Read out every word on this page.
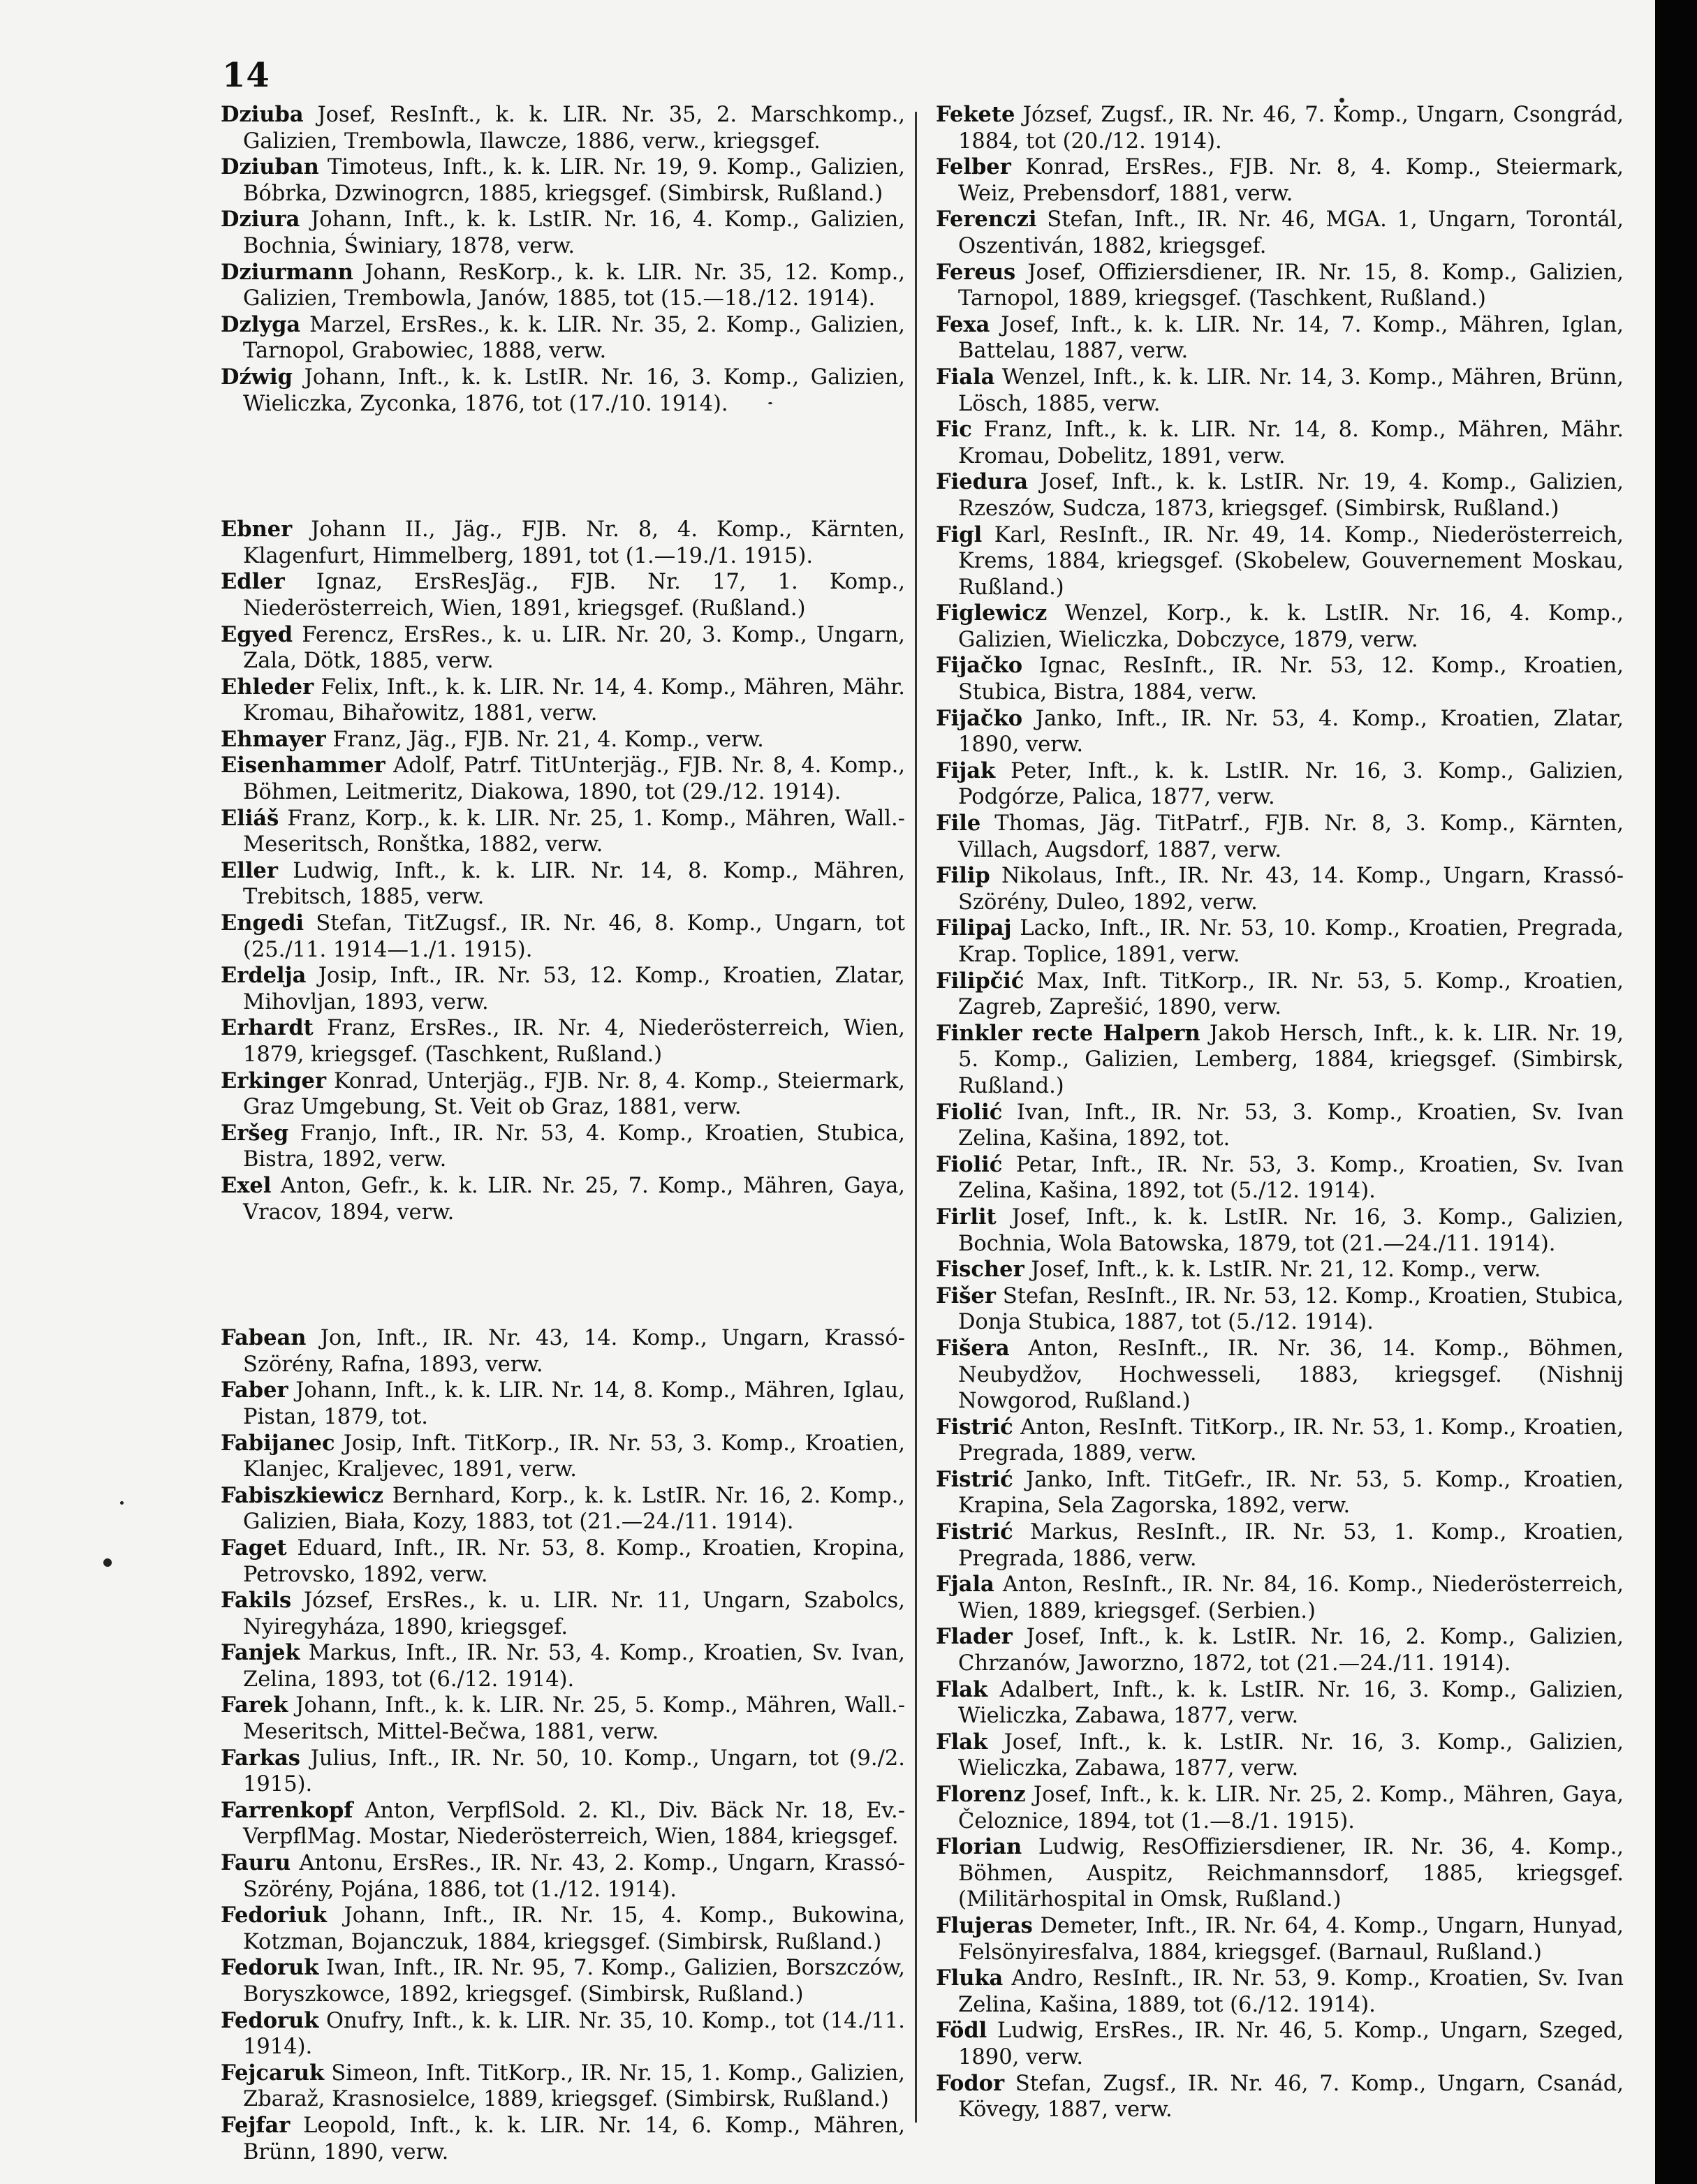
14

Dziuba Josef, ResInft., k. k. LIR. Nr. 35, 2. Marschkomp., Galizien, Trembowla, Ilawcze, 1886, verw., kriegsgef.

Dziuban Timoteus, Inft., k. k. LIR. Nr. 19, 9. Komp., Galizien, Bóbrka, Dzwinogrcn, 1885, kriegsgef. (Simbirsk, Rußland.)

Dziura Johann, Inft., k. k. LstIR. Nr. 16, 4. Komp., Galizien, Bochnia, Świniary, 1878, verw.

Dziurmann Johann, ResKorp., k. k. LIR. Nr. 35, 12. Komp., Galizien, Trembowla, Janów, 1885, tot (15.—18./12. 1914).

Dzlyga Marzel, ErsRes., k. k. LIR. Nr. 35, 2. Komp., Galizien, Tarnopol, Grabowiec, 1888, verw.

Dźwig Johann, Inft., k. k. LstIR. Nr. 16, 3. Komp., Galizien, Wieliczka, Zyconka, 1876, tot (17./10. 1914).

Ebner Johann II., Jäg., FJB. Nr. 8, 4. Komp., Kärnten, Klagenfurt, Himmelberg, 1891, tot (1.—19./1. 1915).

Edler Ignaz, ErsResJäg., FJB. Nr. 17, 1. Komp., Niederösterreich, Wien, 1891, kriegsgef. (Rußland.)

Egyed Ferencz, ErsRes., k. u. LIR. Nr. 20, 3. Komp., Ungarn, Zala, Dötk, 1885, verw.

Ehleder Felix, Inft., k. k. LIR. Nr. 14, 4. Komp., Mähren, Mähr. Kromau, Bihařowitz, 1881, verw.

Ehmayer Franz, Jäg., FJB. Nr. 21, 4. Komp., verw.

Eisenhammer Adolf, Patrf. TitUnterjäg., FJB. Nr. 8, 4. Komp., Böhmen, Leitmeritz, Diakowa, 1890, tot (29./12. 1914).

Eliáš Franz, Korp., k. k. LIR. Nr. 25, 1. Komp., Mähren, Wall.-Meseritsch, Ronštka, 1882, verw.

Eller Ludwig, Inft., k. k. LIR. Nr. 14, 8. Komp., Mähren, Trebitsch, 1885, verw.

Engedi Stefan, TitZugsf., IR. Nr. 46, 8. Komp., Ungarn, tot (25./11. 1914—1./1. 1915).

Erdelja Josip, Inft., IR. Nr. 53, 12. Komp., Kroatien, Zlatar, Mihovljan, 1893, verw.

Erhardt Franz, ErsRes., IR. Nr. 4, Niederösterreich, Wien, 1879, kriegsgef. (Taschkent, Rußland.)

Erkinger Konrad, Unterjäg., FJB. Nr. 8, 4. Komp., Steiermark, Graz Umgebung, St. Veit ob Graz, 1881, verw.

Eršeg Franjo, Inft., IR. Nr. 53, 4. Komp., Kroatien, Stubica, Bistra, 1892, verw.

Exel Anton, Gefr., k. k. LIR. Nr. 25, 7. Komp., Mähren, Gaya, Vracov, 1894, verw.

Fabean Jon, Inft., IR. Nr. 43, 14. Komp., Ungarn, Krassó-Szörény, Rafna, 1893, verw.

Faber Johann, Inft., k. k. LIR. Nr. 14, 8. Komp., Mähren, Iglau, Pistan, 1879, tot.

Fabijanec Josip, Inft. TitKorp., IR. Nr. 53, 3. Komp., Kroatien, Klanjec, Kraljevec, 1891, verw.

Fabiszkiewicz Bernhard, Korp., k. k. LstIR. Nr. 16, 2. Komp., Galizien, Biała, Kozy, 1883, tot (21.—24./11. 1914).

Faget Eduard, Inft., IR. Nr. 53, 8. Komp., Kroatien, Kropina, Petrovsko, 1892, verw.

Fakils József, ErsRes., k. u. LIR. Nr. 11, Ungarn, Szabolcs, Nyiregyháza, 1890, kriegsgef.

Fanjek Markus, Inft., IR. Nr. 53, 4. Komp., Kroatien, Sv. Ivan, Zelina, 1893, tot (6./12. 1914).

Farek Johann, Inft., k. k. LIR. Nr. 25, 5. Komp., Mähren, Wall.-Meseritsch, Mittel-Bečwa, 1881, verw.

Farkas Julius, Inft., IR. Nr. 50, 10. Komp., Ungarn, tot (9./2. 1915).

Farrenkopf Anton, VerpflSold. 2. Kl., Div. Bäck Nr. 18, Ev.-VerpflMag. Mostar, Niederösterreich, Wien, 1884, kriegsgef.

Fauru Antonu, ErsRes., IR. Nr. 43, 2. Komp., Ungarn, Krassó-Szörény, Pojána, 1886, tot (1./12. 1914).

Fedoriuk Johann, Inft., IR. Nr. 15, 4. Komp., Bukowina, Kotzman, Bojanczuk, 1884, kriegsgef. (Simbirsk, Rußland.)

Fedoruk Iwan, Inft., IR. Nr. 95, 7. Komp., Galizien, Borszczów, Boryszkowce, 1892, kriegsgef. (Simbirsk, Rußland.)

Fedoruk Onufry, Inft., k. k. LIR. Nr. 35, 10. Komp., tot (14./11. 1914).

Fejcaruk Simeon, Inft. TitKorp., IR. Nr. 15, 1. Komp., Galizien, Zbaraž, Krasnosielce, 1889, kriegsgef. (Simbirsk, Rußland.)

Fejfar Leopold, Inft., k. k. LIR. Nr. 14, 6. Komp., Mähren, Brünn, 1890, verw.

Fekete József, Zugsf., IR. Nr. 46, 7. Komp., Ungarn, Csongrád, 1884, tot (20./12. 1914).

Felber Konrad, ErsRes., FJB. Nr. 8, 4. Komp., Steiermark, Weiz, Prebensdorf, 1881, verw.

Ferenczi Stefan, Inft., IR. Nr. 46, MGA. 1, Ungarn, Torontál, Oszentiván, 1882, kriegsgef.

Fereus Josef, Offiziersdiener, IR. Nr. 15, 8. Komp., Galizien, Tarnopol, 1889, kriegsgef. (Taschkent, Rußland.)

Fexa Josef, Inft., k. k. LIR. Nr. 14, 7. Komp., Mähren, Iglan, Battelau, 1887, verw.

Fiala Wenzel, Inft., k. k. LIR. Nr. 14, 3. Komp., Mähren, Brünn, Lösch, 1885, verw.

Fic Franz, Inft., k. k. LIR. Nr. 14, 8. Komp., Mähren, Mähr. Kromau, Dobelitz, 1891, verw.

Fiedura Josef, Inft., k. k. LstIR. Nr. 19, 4. Komp., Galizien, Rzeszów, Sudcza, 1873, kriegsgef. (Simbirsk, Rußland.)

Figl Karl, ResInft., IR. Nr. 49, 14. Komp., Niederösterreich, Krems, 1884, kriegsgef. (Skobelew, Gouvernement Moskau, Rußland.)

Figlewicz Wenzel, Korp., k. k. LstIR. Nr. 16, 4. Komp., Galizien, Wieliczka, Dobczyce, 1879, verw.

Fijačko Ignac, ResInft., IR. Nr. 53, 12. Komp., Kroatien, Stubica, Bistra, 1884, verw.

Fijačko Janko, Inft., IR. Nr. 53, 4. Komp., Kroatien, Zlatar, 1890, verw.

Fijak Peter, Inft., k. k. LstIR. Nr. 16, 3. Komp., Galizien, Podgórze, Palica, 1877, verw.

File Thomas, Jäg. TitPatrf., FJB. Nr. 8, 3. Komp., Kärnten, Villach, Augsdorf, 1887, verw.

Filip Nikolaus, Inft., IR. Nr. 43, 14. Komp., Ungarn, Krassó-Szörény, Duleo, 1892, verw.

Filipaj Lacko, Inft., IR. Nr. 53, 10. Komp., Kroatien, Pregrada, Krap. Toplice, 1891, verw.

Filipčić Max, Inft. TitKorp., IR. Nr. 53, 5. Komp., Kroatien, Zagreb, Zaprešić, 1890, verw.

Finkler recte Halpern Jakob Hersch, Inft., k. k. LIR. Nr. 19, 5. Komp., Galizien, Lemberg, 1884, kriegsgef. (Simbirsk, Rußland.)

Fiolić Ivan, Inft., IR. Nr. 53, 3. Komp., Kroatien, Sv. Ivan Zelina, Kašina, 1892, tot.

Fiolić Petar, Inft., IR. Nr. 53, 3. Komp., Kroatien, Sv. Ivan Zelina, Kašina, 1892, tot (5./12. 1914).

Firlit Josef, Inft., k. k. LstIR. Nr. 16, 3. Komp., Galizien, Bochnia, Wola Batowska, 1879, tot (21.—24./11. 1914).

Fischer Josef, Inft., k. k. LstIR. Nr. 21, 12. Komp., verw.

Fišer Stefan, ResInft., IR. Nr. 53, 12. Komp., Kroatien, Stubica, Donja Stubica, 1887, tot (5./12. 1914).

Fišera Anton, ResInft., IR. Nr. 36, 14. Komp., Böhmen, Neubydžov, Hochwesseli, 1883, kriegsgef. (Nishnij Nowgorod, Rußland.)

Fistrić Anton, ResInft. TitKorp., IR. Nr. 53, 1. Komp., Kroatien, Pregrada, 1889, verw.

Fistrić Janko, Inft. TitGefr., IR. Nr. 53, 5. Komp., Kroatien, Krapina, Sela Zagorska, 1892, verw.

Fistrić Markus, ResInft., IR. Nr. 53, 1. Komp., Kroatien, Pregrada, 1886, verw.

Fjala Anton, ResInft., IR. Nr. 84, 16. Komp., Niederösterreich, Wien, 1889, kriegsgef. (Serbien.)

Flader Josef, Inft., k. k. LstIR. Nr. 16, 2. Komp., Galizien, Chrzanów, Jaworzno, 1872, tot (21.—24./11. 1914).

Flak Adalbert, Inft., k. k. LstIR. Nr. 16, 3. Komp., Galizien, Wieliczka, Zabawa, 1877, verw.

Flak Josef, Inft., k. k. LstIR. Nr. 16, 3. Komp., Galizien, Wieliczka, Zabawa, 1877, verw.

Florenz Josef, Inft., k. k. LIR. Nr. 25, 2. Komp., Mähren, Gaya, Čeloznice, 1894, tot (1.—8./1. 1915).

Florian Ludwig, ResOffiziersdiener, IR. Nr. 36, 4. Komp., Böhmen, Auspitz, Reichmannsdorf, 1885, kriegsgef. (Militärhospital in Omsk, Rußland.)

Flujeras Demeter, Inft., IR. Nr. 64, 4. Komp., Ungarn, Hunyad, Felsönyiresfalva, 1884, kriegsgef. (Barnaul, Rußland.)

Fluka Andro, ResInft., IR. Nr. 53, 9. Komp., Kroatien, Sv. Ivan Zelina, Kašina, 1889, tot (6./12. 1914).

Födl Ludwig, ErsRes., IR. Nr. 46, 5. Komp., Ungarn, Szeged, 1890, verw.

Fodor Stefan, Zugsf., IR. Nr. 46, 7. Komp., Ungarn, Csanád, Kövegy, 1887, verw.
